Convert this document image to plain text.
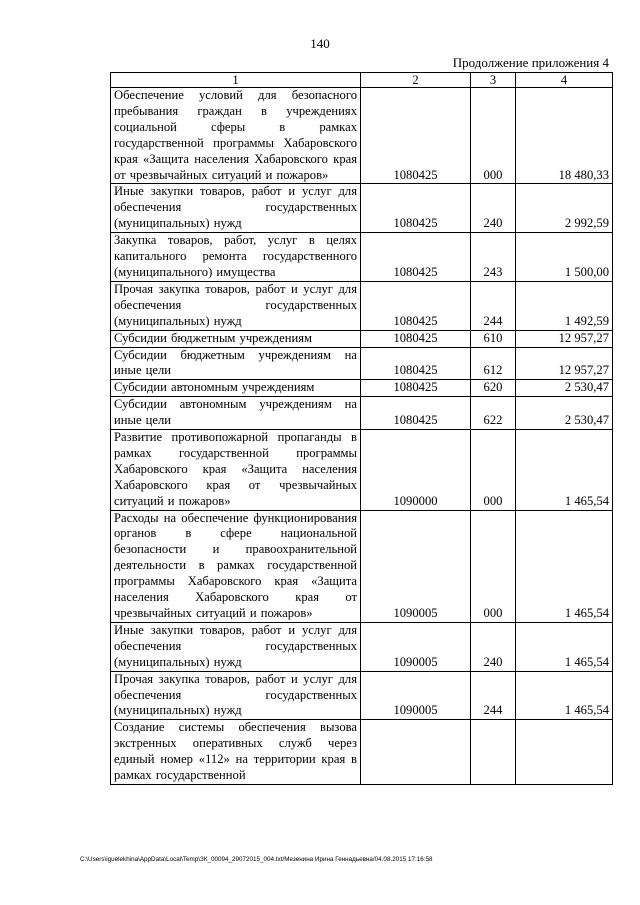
140
Продолжение приложения 4
1	2	3	4
Обеспечение условий для безопасного пребывания граждан в учреждениях социальной сферы в рамках государственной программы Хабаровского края «Защита населения Хабаровского края от чрезвычайных ситуаций и пожаров»	1080425	000	18 480,33
Иные закупки товаров, работ и услуг для обеспечения государственных (муниципальных) нужд	1080425	240	2 992,59
Закупка товаров, работ, услуг в целях капитального ремонта государственного (муниципального) имущества	1080425	243	1 500,00
Прочая закупка товаров, работ и услуг для обеспечения государственных (муниципальных) нужд	1080425	244	1 492,59
Субсидии бюджетным учреждениям	1080425	610	12 957,27
Субсидии бюджетным учреждениям на иные цели	1080425	612	12 957,27
Субсидии автономным учреждениям	1080425	620	2 530,47
Субсидии автономным учреждениям на иные цели	1080425	622	2 530,47
Развитие противопожарной пропаганды в рамках государственной программы Хабаровского края «Защита населения Хабаровского края от чрезвычайных ситуаций и пожаров»	1090000	000	1 465,54
Расходы на обеспечение функционирования органов в сфере национальной безопасности и правоохранительной деятельности в рамках государственной программы Хабаровского края «Защита населения Хабаровского края от чрезвычайных ситуаций и пожаров»	1090005	000	1 465,54
Иные закупки товаров, работ и услуг для обеспечения государственных (муниципальных) нужд	1090005	240	1 465,54
Прочая закупка товаров, работ и услуг для обеспечения государственных (муниципальных) нужд	1090005	244	1 465,54
Создание системы обеспечения вызова экстренных оперативных служб через единый номер «112» на территории края в рамках государственной			
C:\Users\iguelekhina\AppData\Local\Temp\ЗК_00094_29072015_004.txt/Мезенина Ирина Геннадьевна/04.08.2015 17:16:58
